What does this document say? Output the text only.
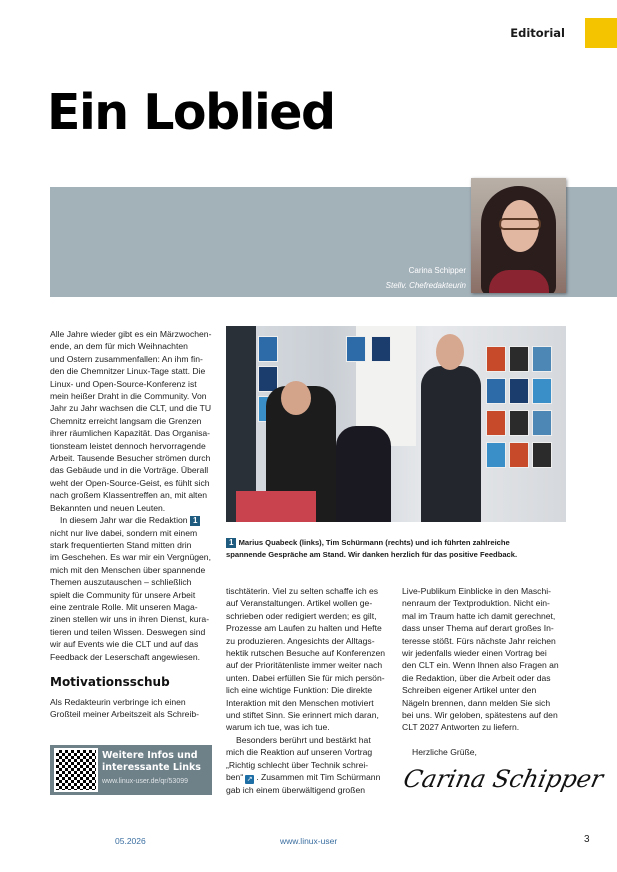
Editorial
Ein Loblied
Carina Schipper
Stellv. Chefredakteurin
Alle Jahre wieder gibt es ein Märzwochen-
ende, an dem für mich Weihnachten
und Ostern zusammenfallen: An ihm fin-
den die Chemnitzer Linux-Tage statt. Die
Linux- und Open-Source-Konferenz ist
mein heißer Draht in die Community. Von
Jahr zu Jahr wachsen die CLT, und die TU
Chemnitz erreicht langsam die Grenzen
ihrer räumlichen Kapazität. Das Organisa-
tionsteam leistet dennoch hervorragende
Arbeit. Tausende Besucher strömen durch
das Gebäude und in die Vorträge. Überall
weht der Open-Source-Geist, es fühlt sich
nach großem Klassentreffen an, mit alten
Bekannten und neuen Leuten.
In diesem Jahr war die Redaktion 1
nicht nur live dabei, sondern mit einem
stark frequentierten Stand mitten drin
im Geschehen. Es war mir ein Vergnügen,
mich mit den Menschen über spannende
Themen auszutauschen – schließlich
spielt die Community für unsere Arbeit
eine zentrale Rolle. Mit unseren Maga-
zinen stellen wir uns in ihren Dienst, kura-
tieren und teilen Wissen. Deswegen sind
wir auf Events wie die CLT und auf das
Feedback der Leserschaft angewiesen.
Motivationsschub
Als Redakteurin verbringe ich einen
Großteil meiner Arbeitszeit als Schreib-
1 Marius Quabeck (links), Tim Schürmann (rechts) und ich führten zahlreiche
spannende Gespräche am Stand. Wir danken herzlich für das positive Feedback.
tischtäterin. Viel zu selten schaffe ich es
auf Veranstaltungen. Artikel wollen ge-
schrieben oder redigiert werden; es gilt,
Prozesse am Laufen zu halten und Hefte
zu produzieren. Angesichts der Alltags-
hektik rutschen Besuche auf Konferenzen
auf der Prioritätenliste immer weiter nach
unten. Dabei erfüllen Sie für mich persön-
lich eine wichtige Funktion: Die direkte
Interaktion mit den Menschen motiviert
und stiftet Sinn. Sie erinnert mich daran,
warum ich tue, was ich tue.
Besonders berührt und bestärkt hat
mich die Reaktion auf unseren Vortrag
„Richtig schlecht über Technik schrei-
ben“ ↗ . Zusammen mit Tim Schürmann
gab ich einem überwältigend großen
Live-Publikum Einblicke in den Maschi-
nenraum der Textproduktion. Nicht ein-
mal im Traum hatte ich damit gerechnet,
dass unser Thema auf derart großes In-
teresse stößt. Fürs nächste Jahr reichen
wir jedenfalls wieder einen Vortrag bei
den CLT ein. Wenn Ihnen also Fragen an
die Redaktion, über die Arbeit oder das
Schreiben eigener Artikel unter den
Nägeln brennen, dann melden Sie sich
bei uns. Wir geloben, spätestens auf den
CLT 2027 Antworten zu liefern.
Herzliche Grüße,
Carina Schipper
Weitere Infos und
interessante Links
www.linux-user.de/qr/53099
05.2026	www.linux-user	3
